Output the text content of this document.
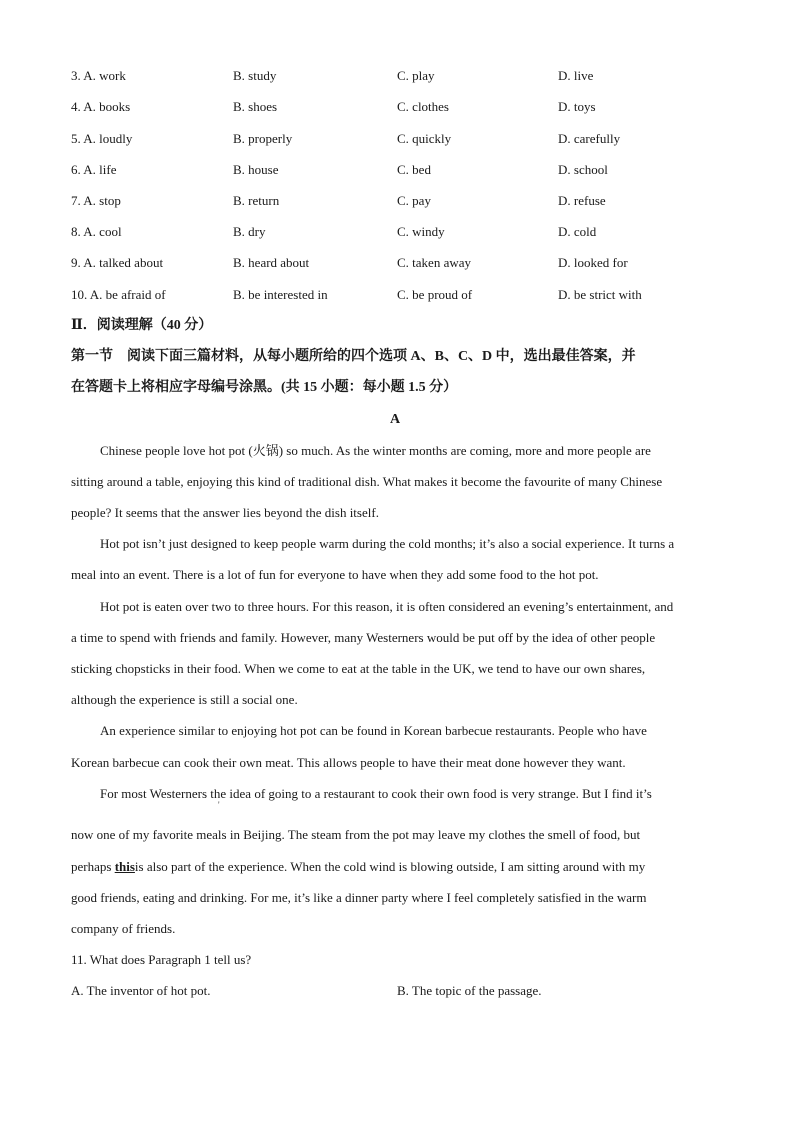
3. A. work	B. study	C. play	D. live
4. A. books	B. shoes	C. clothes	D. toys
5. A. loudly	B. properly	C. quickly	D. carefully
6. A. life	B. house	C. bed	D. school
7. A. stop	B. return	C. pay	D. refuse
8. A. cool	B. dry	C. windy	D. cold
9. A. talked about	B. heard about	C. taken away	D. looked for
10. A. be afraid of	B. be interested in	C. be proud of	D. be strict with
Ⅱ．阅读理解（40 分）
第一节　阅读下面三篇材料，从每小题所给的四个选项 A、B、C、D 中，选出最佳答案，并
在答题卡上将相应字母编号涂黑。(共 15 小题：每小题 1.5 分）
A
Chinese people love hot pot (火锅) so much. As the winter months are coming, more and more people are
sitting around a table, enjoying this kind of traditional dish. What makes it become the favourite of many Chinese
people? It seems that the answer lies beyond the dish itself.
Hot pot isn’t just designed to keep people warm during the cold months; it’s also a social experience. It turns a
meal into an event. There is a lot of fun for everyone to have when they add some food to the hot pot.
Hot pot is eaten over two to three hours. For this reason, it is often considered an evening’s entertainment, and
a time to spend with friends and family. However, many Westerners would be put off by the idea of other people
sticking chopsticks in their food. When we come to eat at the table in the UK, we tend to have our own shares,
although the experience is still a social one.
An experience similar to enjoying hot pot can be found in Korean barbecue restaurants. People who have
Korean barbecue can cook their own meat. This allows people to have their meat done however they want.
For most Westerners the idea of going to a restaurant to cook their own food is very strange. But I find it’s
'
now one of my favorite meals in Beijing. The steam from the pot may leave my clothes the smell of food, but
perhaps thisis also part of the experience. When the cold wind is blowing outside, I am sitting around with my
good friends, eating and drinking. For me, it’s like a dinner party where I feel completely satisfied in the warm
company of friends.
11. What does Paragraph 1 tell us?
A. The inventor of hot pot.	B. The topic of the passage.
